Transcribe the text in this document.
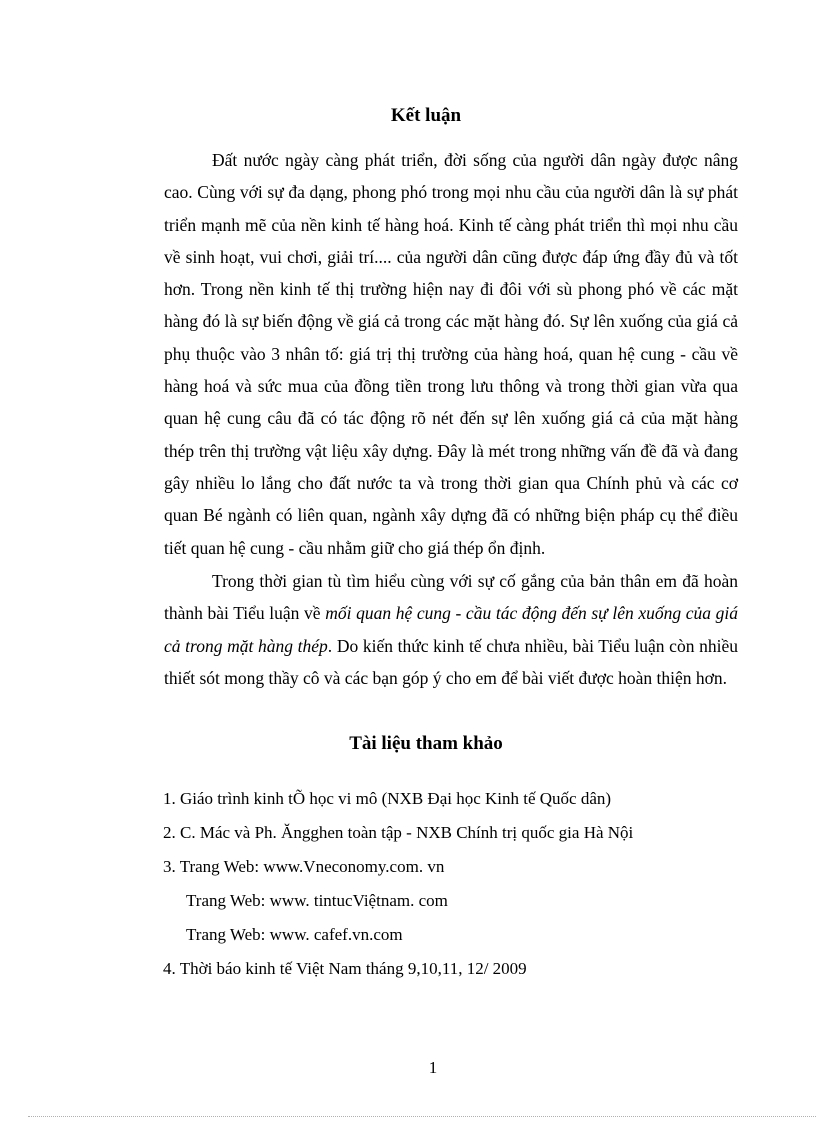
Kết luận

Đất nước ngày càng phát triển, đời sống của người dân ngày được nâng cao. Cùng với sự đa dạng, phong phó trong mọi nhu cầu của người dân là sự phát triển mạnh mẽ của nền kinh tế hàng hoá. Kinh tế càng phát triển thì mọi nhu cầu về sinh hoạt, vui chơi, giải trí.... của người dân cũng được đáp ứng đầy đủ và tốt hơn. Trong nền kinh tế thị trường hiện nay đi đôi với sù phong phó về các mặt hàng đó là sự biến động về giá cả trong các mặt hàng đó. Sự lên xuống của giá cả phụ thuộc vào 3 nhân tố: giá trị thị trường của hàng hoá, quan hệ cung - cầu về hàng hoá và sức mua của đồng tiền trong lưu thông và trong thời gian vừa qua quan hệ cung câu đã có tác động rõ nét đến sự lên xuống giá cả của mặt hàng thép trên thị trường vật liệu xây dựng. Đây là mét trong những vấn đề đã và đang gây nhiều lo lắng cho đất nước ta và trong thời gian qua Chính phủ và các cơ quan Bé ngành có liên quan, ngành xây dựng đã có những biện pháp cụ thể điều tiết quan hệ cung - cầu nhằm giữ cho giá thép ổn định.

Trong thời gian tù tìm hiểu cùng với sự cố gắng của bản thân em đã hoàn thành bài Tiểu luận về mối quan hệ cung - cầu tác động đến sự lên xuống của giá cả trong mặt hàng thép. Do kiến thức kinh tế chưa nhiều, bài Tiểu luận còn nhiều thiết sót mong thầy cô và các bạn góp ý cho em để bài viết được hoàn thiện hơn.

Tài liệu tham khảo
1. Giáo trình kinh tÕ học vi mô (NXB Đại học Kinh tế Quốc dân)
2. C. Mác và Ph. Ăngghen toàn tập - NXB Chính trị quốc gia Hà Nội
3. Trang Web: www.Vneconomy.com. vn
Trang Web: www. tintucViệtnam. com
Trang Web: www. cafef.vn.com
4. Thời báo kinh tế Việt Nam tháng 9,10,11, 12/ 2009
1
